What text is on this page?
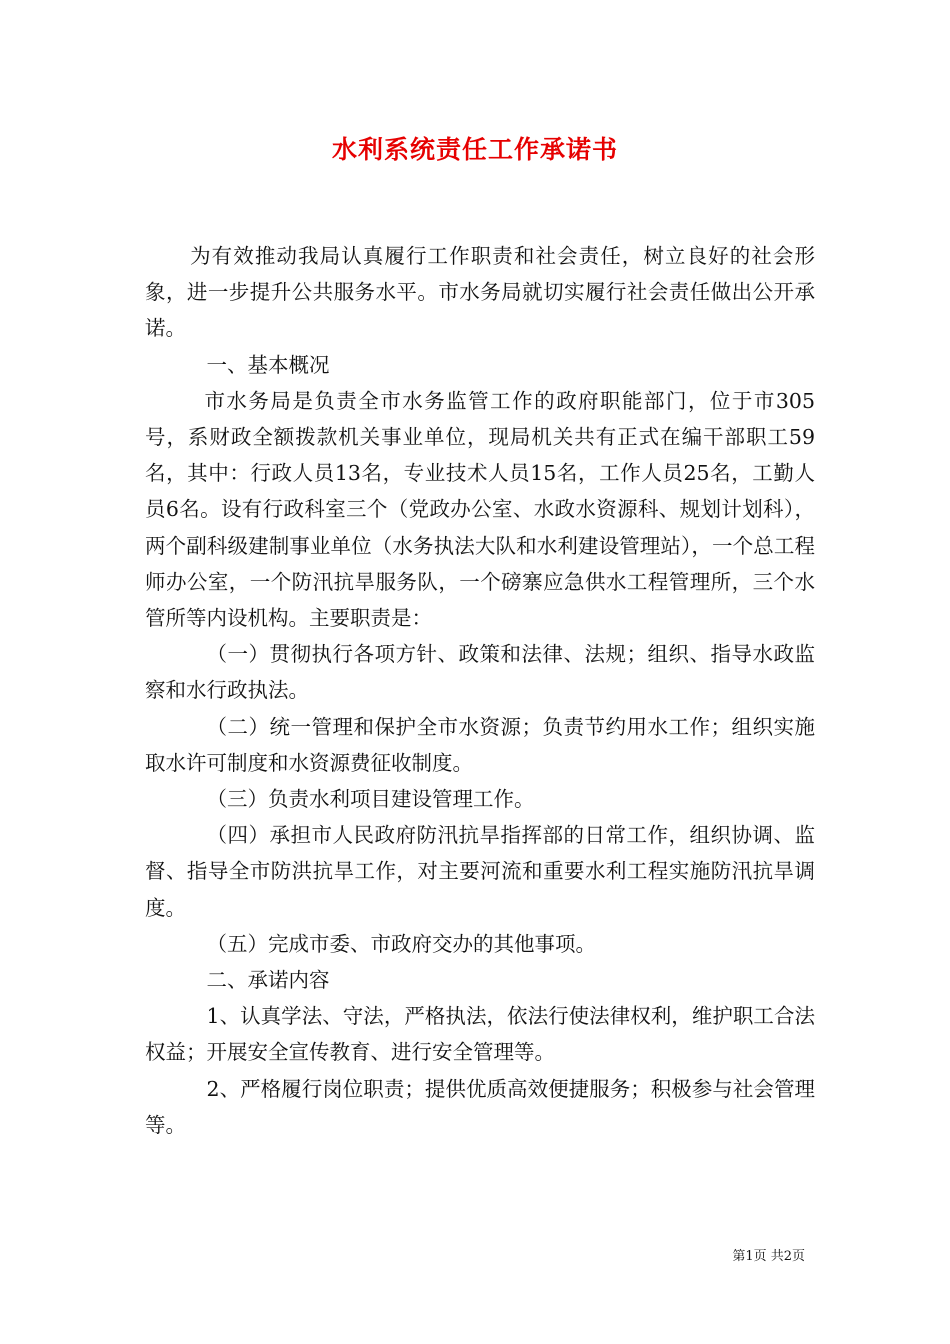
水利系统责任工作承诺书

为有效推动我局认真履行工作职责和社会责任，树立良好的社会形象，进一步提升公共服务水平。市水务局就切实履行社会责任做出公开承诺。

一、基本概况

市水务局是负责全市水务监管工作的政府职能部门，位于市305号，系财政全额拨款机关事业单位，现局机关共有正式在编干部职工59名，其中：行政人员13名，专业技术人员15名，工作人员25名，工勤人员6名。设有行政科室三个（党政办公室、水政水资源科、规划计划科），两个副科级建制事业单位（水务执法大队和水利建设管理站），一个总工程师办公室，一个防汛抗旱服务队，一个磅寨应急供水工程管理所，三个水管所等内设机构。主要职责是：

（一）贯彻执行各项方针、政策和法律、法规；组织、指导水政监察和水行政执法。

（二）统一管理和保护全市水资源；负责节约用水工作；组织实施取水许可制度和水资源费征收制度。

（三）负责水利项目建设管理工作。

（四）承担市人民政府防汛抗旱指挥部的日常工作，组织协调、监督、指导全市防洪抗旱工作，对主要河流和重要水利工程实施防汛抗旱调度。

（五）完成市委、市政府交办的其他事项。

二、承诺内容

1、认真学法、守法，严格执法，依法行使法律权利，维护职工合法权益；开展安全宣传教育、进行安全管理等。

2、严格履行岗位职责；提供优质高效便捷服务；积极参与社会管理等。

第1页 共2页
